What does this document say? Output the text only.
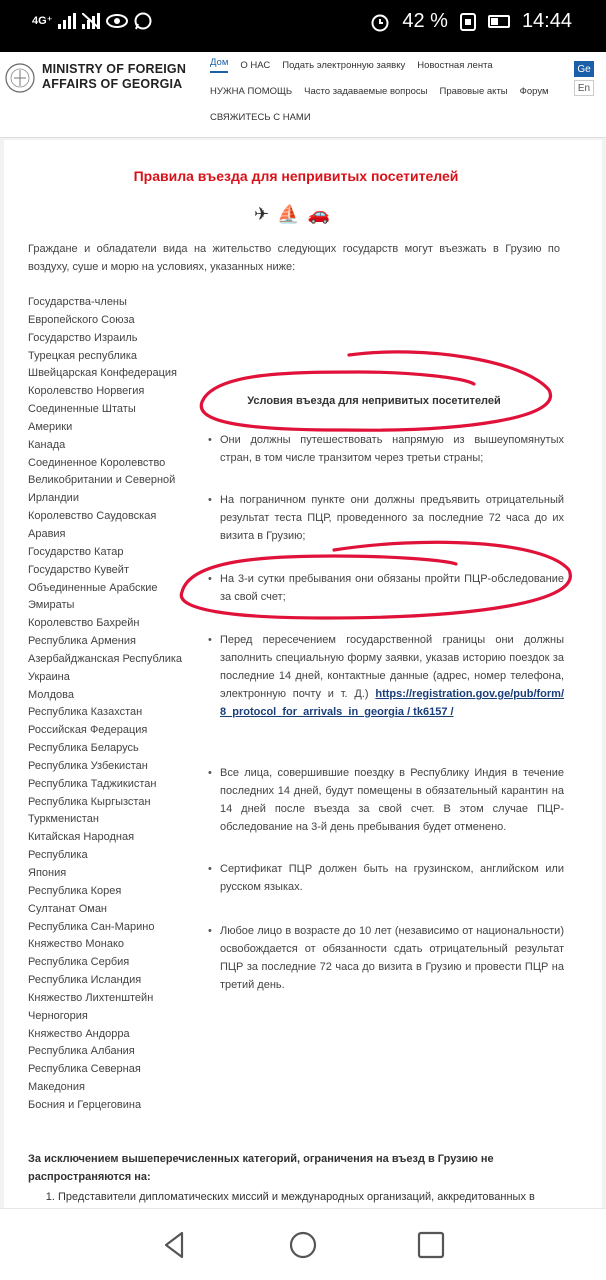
4G⁺	42 %	14:44
MINISTRY OF FOREIGN
AFFAIRS OF GEORGIA
Дом О НАС Подать электронную заявку Новостная лента
НУЖНА ПОМОЩЬ Часто задаваемые вопросы Правовые акты Форум
СВЯЖИТЕСЬ С НАМИ
Ge
En
Правила въезда для непривитых посетителей
✈ ⛵ 🚗
Граждане и обладатели вида на жительство следующих государств могут въезжать в Грузию по воздуху, суше и морю на условиях, указанных ниже:
Государства-члены
Европейского Союза
Государство Израиль
Турецкая республика
Швейцарская Конфедерация
Королевство Норвегия
Соединенные Штаты
Америки
Канада
Соединенное Королевство
Великобритании и Северной
Ирландии
Королевство Саудовская
Аравия
Государство Катар
Государство Кувейт
Объединенные Арабские
Эмираты
Королевство Бахрейн
Республика Армения
Азербайджанская Республика
Украина
Молдова
Республика Казахстан
Российская Федерация
Республика Беларусь
Республика Узбекистан
Республика Таджикистан
Республика Кыргызстан
Туркменистан
Китайская Народная
Республика
Япония
Республика Корея
Султанат Оман
Республика Сан-Марино
Княжество Монако
Республика Сербия
Республика Исландия
Княжество Лихтенштейн
Черногория
Княжество Андорра
Республика Албания
Республика Северная
Македония
Босния и Герцеговина
Условия въезда для непривитых посетителей
• Они должны путешествовать напрямую из вышеупомянутых стран, в том числе транзитом через третьи страны;
• На пограничном пункте они должны предъявить отрицательный результат теста ПЦР, проведенного за последние 72 часа до их визита в Грузию;
• На 3-и сутки пребывания они обязаны пройти ПЦР-обследование за свой счет;
• Перед пересечением государственной границы они должны заполнить специальную форму заявки, указав историю поездок за последние 14 дней, контактные данные (адрес, номер телефона, электронную почту и т. Д.) https://registration.gov.ge/pub/form/ 8_protocol_for_arrivals_in_georgia / tk6157 /
• Все лица, совершившие поездку в Республику Индия в течение последних 14 дней, будут помещены в обязательный карантин на 14 дней после въезда за свой счет. В этом случае ПЦР-обследование на 3-й день пребывания будет отменено.
• Сертификат ПЦР должен быть на грузинском, английском или русском языках.
• Любое лицо в возрасте до 10 лет (независимо от национальности) освобождается от обязанности сдать отрицательный результат ПЦР за последние 72 часа до визита в Грузию и провести ПЦР на третий день.
За исключением вышеперечисленных категорий, ограничения на въезд в Грузию не распространяются на:
1. Представители дипломатических миссий и международных организаций, аккредитованных в
